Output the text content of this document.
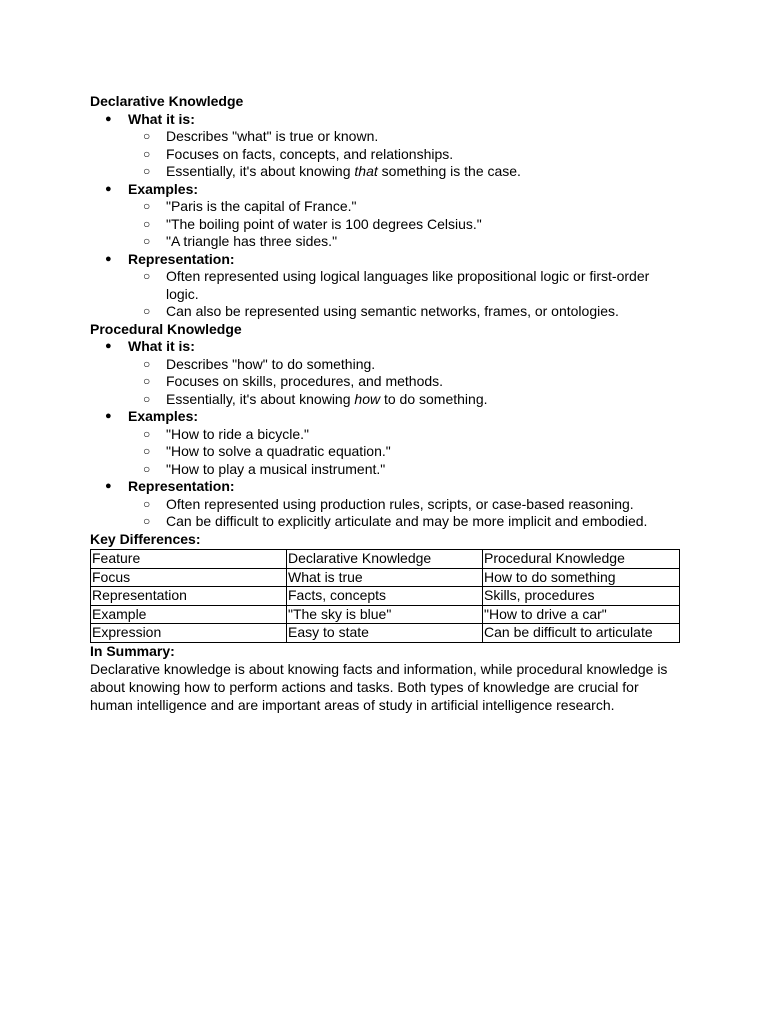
Declarative Knowledge
● What it is:
○ Describes "what" is true or known.
○ Focuses on facts, concepts, and relationships.
○ Essentially, it's about knowing that something is the case.
● Examples:
○ "Paris is the capital of France."
○ "The boiling point of water is 100 degrees Celsius."
○ "A triangle has three sides."
● Representation:
○ Often represented using logical languages like propositional logic or first-order logic.
○ Can also be represented using semantic networks, frames, or ontologies.
Procedural Knowledge
● What it is:
○ Describes "how" to do something.
○ Focuses on skills, procedures, and methods.
○ Essentially, it's about knowing how to do something.
● Examples:
○ "How to ride a bicycle."
○ "How to solve a quadratic equation."
○ "How to play a musical instrument."
● Representation:
○ Often represented using production rules, scripts, or case-based reasoning.
○ Can be difficult to explicitly articulate and may be more implicit and embodied.
Key Differences:
Feature	Declarative Knowledge	Procedural Knowledge
Focus	What is true	How to do something
Representation	Facts, concepts	Skills, procedures
Example	"The sky is blue"	"How to drive a car"
Expression	Easy to state	Can be difficult to articulate
In Summary:
Declarative knowledge is about knowing facts and information, while procedural knowledge is about knowing how to perform actions and tasks. Both types of knowledge are crucial for human intelligence and are important areas of study in artificial intelligence research.
